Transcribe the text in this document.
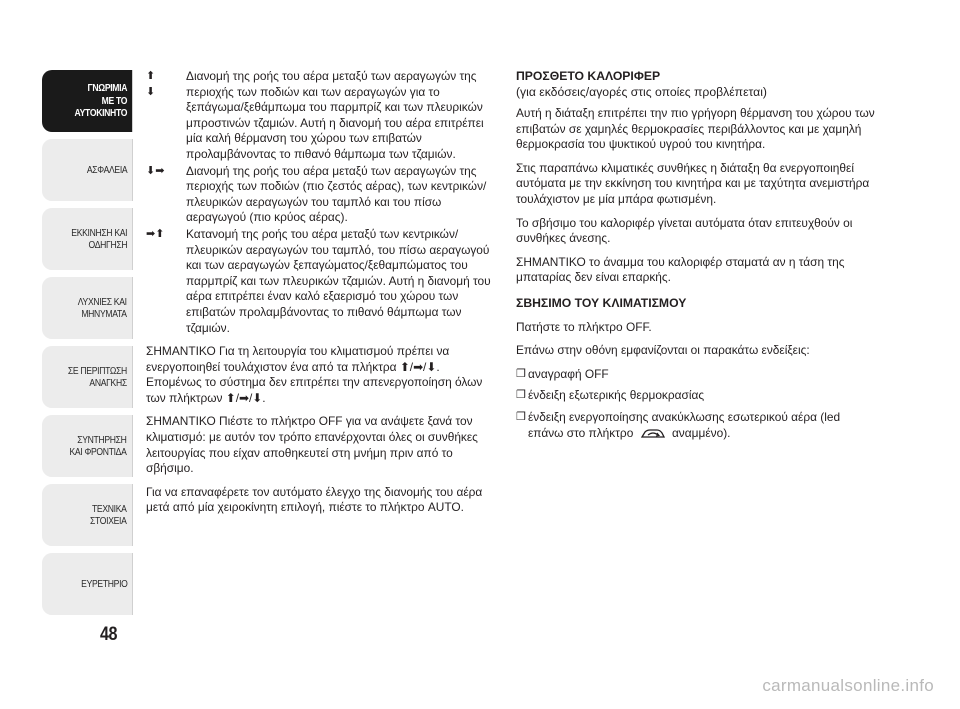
ΓΝΩΡΙΜΙΑ
ΜΕ ΤΟ
ΑΥΤΟΚΙΝΗΤΟ
ΑΣΦΑΛΕΙΑ
ΕΚΚΙΝΗΣΗ ΚΑΙ
ΟΔΗΓΗΣΗ
ΛΥΧΝΙΕΣ ΚΑΙ
ΜΗΝΥΜΑΤΑ
ΣΕ ΠΕΡΙΠΤΩΣΗ
ΑΝΑΓΚΗΣ
ΣΥΝΤΗΡΗΣΗ
ΚΑΙ ΦΡΟΝΤΙΔΑ
ΤΕΧΝΙΚΑ
ΣΤΟΙΧΕΙΑ
ΕΥΡΕΤΗΡΙΟ
48
⬆
⬇
Διανομή της ροής του αέρα μεταξύ των αεραγωγών της περιοχής των ποδιών και των αεραγωγών για το ξεπάγωμα/ξεθάμπωμα του παρμπρίζ και των πλευρικών μπροστινών τζαμιών. Αυτή η διανομή του αέρα επιτρέπει μία καλή θέρμανση του χώρου των επιβατών προλαμβάνοντας το πιθανό θάμπωμα των τζαμιών.
⬇➡	Διανομή της ροής του αέρα μεταξύ των αεραγωγών της περιοχής των ποδιών (πιο ζεστός αέρας), των κεντρικών/πλευρικών αεραγωγών του ταμπλό και του πίσω αεραγωγού (πιο κρύος αέρας).
➡⬆	Κατανομή της ροής του αέρα μεταξύ των κεντρικών/πλευρικών αεραγωγών του ταμπλό, του πίσω αεραγωγού και των αεραγωγών ξεπαγώματος/ξεθαμπώματος του παρμπρίζ και των πλευρικών τζαμιών. Αυτή η διανομή του αέρα επιτρέπει έναν καλό εξαερισμό του χώρου των επιβατών προλαμβάνοντας το πιθανό θάμπωμα των τζαμιών.

ΣΗΜΑΝΤΙΚΟ Για τη λειτουργία του κλιματισμού πρέπει να ενεργοποιηθεί τουλάχιστον ένα από τα πλήκτρα ⬆/➡/⬇. Επομένως το σύστημα δεν επιτρέπει την απενεργοποίηση όλων των πλήκτρων ⬆/➡/⬇.

ΣΗΜΑΝΤΙΚΟ Πιέστε το πλήκτρο OFF για να ανάψετε ξανά τον κλιματισμό: με αυτόν τον τρόπο επανέρχονται όλες οι συνθήκες λειτουργίας που είχαν αποθηκευτεί στη μνήμη πριν από το σβήσιμο.

Για να επαναφέρετε τον αυτόματο έλεγχο της διανομής του αέρα μετά από μία χειροκίνητη επιλογή, πιέστε το πλήκτρο AUTO.

ΠΡΟΣΘΕΤΟ ΚΑΛΟΡΙΦΕΡ
(για εκδόσεις/αγορές στις οποίες προβλέπεται)

Αυτή η διάταξη επιτρέπει την πιο γρήγορη θέρμανση του χώρου των επιβατών σε χαμηλές θερμοκρασίες περιβάλλοντος και με χαμηλή θερμοκρασία του ψυκτικού υγρού του κινητήρα.

Στις παραπάνω κλιματικές συνθήκες η διάταξη θα ενεργοποιηθεί αυτόματα με την εκκίνηση του κινητήρα και με ταχύτητα ανεμιστήρα τουλάχιστον με μία μπάρα φωτισμένη.

Το σβήσιμο του καλοριφέρ γίνεται αυτόματα όταν επιτευχθούν οι συνθήκες άνεσης.

ΣΗΜΑΝΤΙΚΟ το άναμμα του καλοριφέρ σταματά αν η τάση της μπαταρίας δεν είναι επαρκής.

ΣΒΗΣΙΜΟ ΤΟΥ ΚΛΙΜΑΤΙΣΜΟΥ

Πατήστε το πλήκτρο OFF.

Επάνω στην οθόνη εμφανίζονται οι παρακάτω ενδείξεις:

❒ αναγραφή OFF
❒ ένδειξη εξωτερικής θερμοκρασίας
❒ ένδειξη ενεργοποίησης ανακύκλωσης εσωτερικού αέρα (led επάνω στο πλήκτρο	αναμμένο).
carmanualsonline.info
